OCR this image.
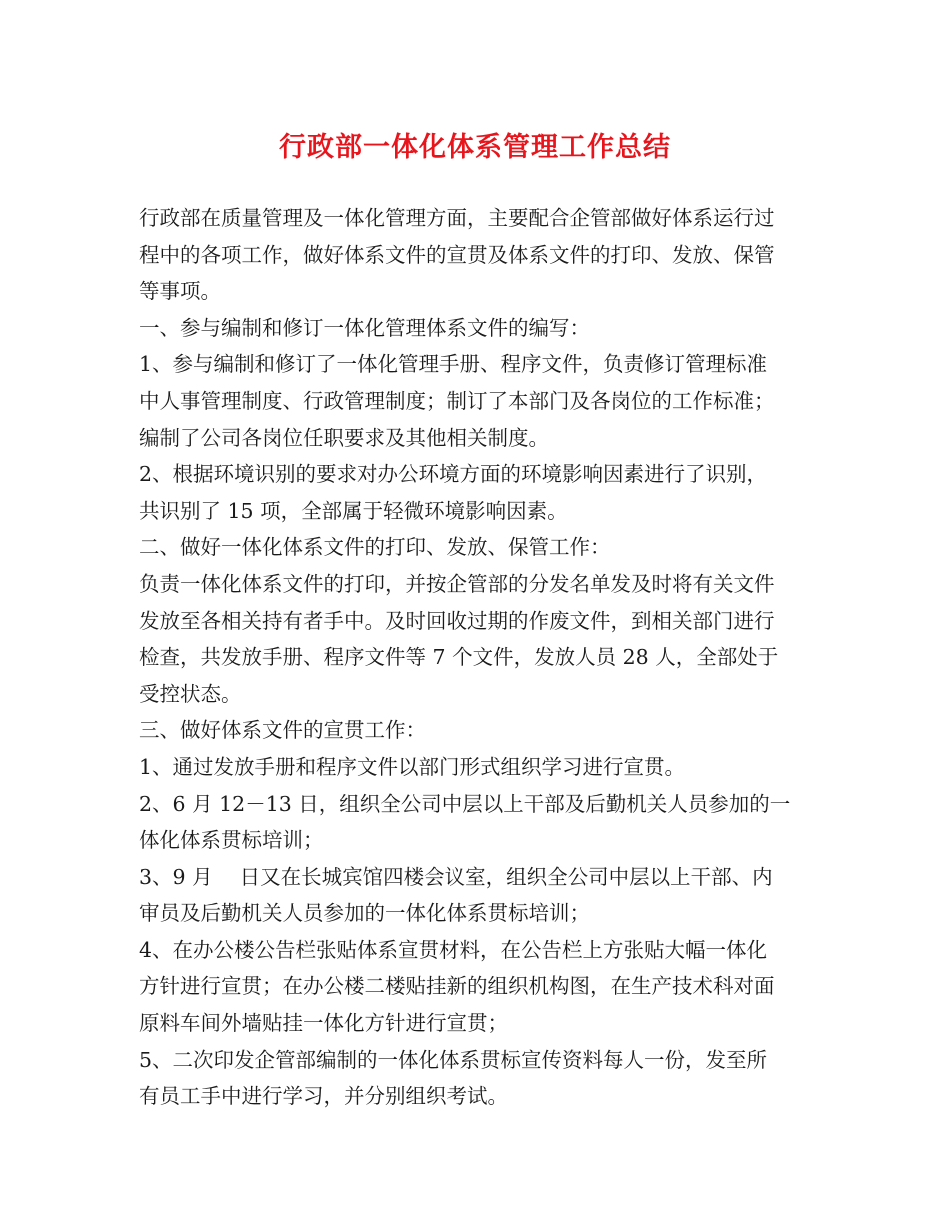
行政部一体化体系管理工作总结
行政部在质量管理及一体化管理方面，主要配合企管部做好体系运行过
程中的各项工作，做好体系文件的宣贯及体系文件的打印、发放、保管
等事项。
一、参与编制和修订一体化管理体系文件的编写：
1、参与编制和修订了一体化管理手册、程序文件，负责修订管理标准
中人事管理制度、行政管理制度；制订了本部门及各岗位的工作标准；
编制了公司各岗位任职要求及其他相关制度。
2、根据环境识别的要求对办公环境方面的环境影响因素进行了识别，
共识别了 15 项，全部属于轻微环境影响因素。
二、做好一体化体系文件的打印、发放、保管工作：
负责一体化体系文件的打印，并按企管部的分发名单发及时将有关文件
发放至各相关持有者手中。及时回收过期的作废文件，到相关部门进行
检查，共发放手册、程序文件等 7 个文件，发放人员 28 人，全部处于
受控状态。
三、做好体系文件的宣贯工作：
1、通过发放手册和程序文件以部门形式组织学习进行宣贯。
2、6 月 12－13 日，组织全公司中层以上干部及后勤机关人员参加的一
体化体系贯标培训；
3、9 月　 日又在长城宾馆四楼会议室，组织全公司中层以上干部、内
审员及后勤机关人员参加的一体化体系贯标培训；
4、在办公楼公告栏张贴体系宣贯材料，在公告栏上方张贴大幅一体化
方针进行宣贯；在办公楼二楼贴挂新的组织机构图，在生产技术科对面
原料车间外墙贴挂一体化方针进行宣贯；
5、二次印发企管部编制的一体化体系贯标宣传资料每人一份，发至所
有员工手中进行学习，并分别组织考试。
